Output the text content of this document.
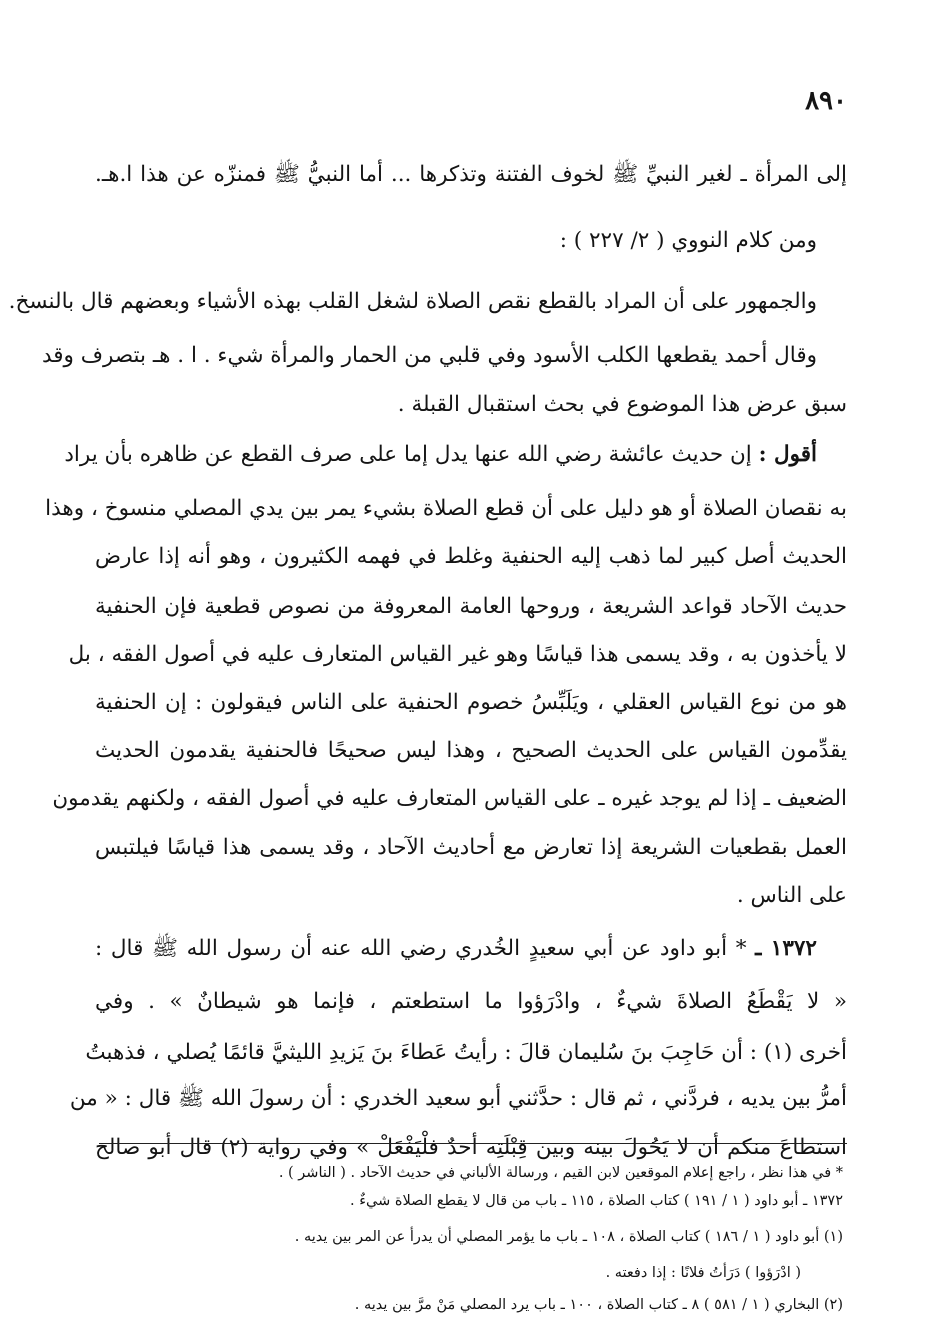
٨٩٠
إلى المرأة ـ لغير النبيِّ ﷺ لخوف الفتنة وتذكرها ... أما النبيُّ ﷺ فمنزّه عن هذا ا.هـ.
ومن كلام النووي ( ٢/ ٢٢٧ ) :
والجمهور على أن المراد بالقطع نقص الصلاة لشغل القلب بهذه الأشياء وبعضهم قال بالنسخ.
وقال أحمد يقطعها الكلب الأسود وفي قلبي من الحمار والمرأة شيء . ا . هـ بتصرف وقد
سبق عرض هذا الموضوع في بحث استقبال القبلة .
أقول : إن حديث عائشة رضي الله عنها يدل إما على صرف القطع عن ظاهره بأن يراد
به نقصان الصلاة أو هو دليل على أن قطع الصلاة بشيء يمر بين يدي المصلي منسوخ ، وهذا
الحديث أصل كبير لما ذهب إليه الحنفية وغلط في فهمه الكثيرون ، وهو أنه إذا عارض
حديث الآحاد قواعد الشريعة ، وروحها العامة المعروفة من نصوص قطعية فإن الحنفية
لا يأخذون به ، وقد يسمى هذا قياسًا وهو غير القياس المتعارف عليه في أصول الفقه ، بل
هو من نوع القياس العقلي ، ويَلَبِّسُ خصوم الحنفية على الناس فيقولون : إن الحنفية
يقدِّمون القياس على الحديث الصحيح ، وهذا ليس صحيحًا فالحنفية يقدمون الحديث
الضعيف ـ إذا لم يوجد غيره ـ على القياس المتعارف عليه في أصول الفقه ، ولكنهم يقدمون
العمل بقطعيات الشريعة إذا تعارض مع أحاديث الآحاد ، وقد يسمى هذا قياسًا فيلتبس
على الناس .
١٣٧٢ ـ * أبو داود عن أبي سعيدٍ الخُدري رضي الله عنه أن رسول الله ﷺ قال :
« لا يَقْطَعُ الصلاةَ شيءٌ ، وادْرَؤوا ما استطعتم ، فإنما هو شيطانٌ » . وفي
أخرى (١) : أن حَاجِبَ بنَ سُليمان قالَ : رأيتُ عَطاءَ بنَ يَزيدِ الليثيَّ قائمًا يُصلي ، فذهبتُ
أمرُّ بين يديه ، فردَّني ، ثم قال : حدَّثني أبو سعيد الخدري : أن رسولَ الله ﷺ قال : « من
استطاعَ منكم أن لا يَحُولَ بينه وبين قِبْلَتِه أحدٌ فلْيَفْعَلْ » وفي رواية (٢) قال أبو صالح
* في هذا نظر ، راجع إعلام الموقعين لابن القيم ، ورسالة الألباني في حديث الآحاد . ( الناشر ) .
١٣٧٢ ـ أبو داود ( ١ / ١٩١ ) كتاب الصلاة ، ١١٥ ـ باب من قال لا يقطع الصلاة شيءٌ .
(١) أبو داود ( ١ / ١٨٦ ) كتاب الصلاة ، ١٠٨ ـ باب ما يؤمر المصلي أن يدرأ عن المر بين يديه .
( ادْرَؤوا ) دَرَأتُ فلانًا : إذا دفعته .
(٢) البخاري ( ١ / ٥٨١ ) ٨ ـ كتاب الصلاة ، ١٠٠ ـ باب يرد المصلي مَنْ مرَّ بين يديه .
